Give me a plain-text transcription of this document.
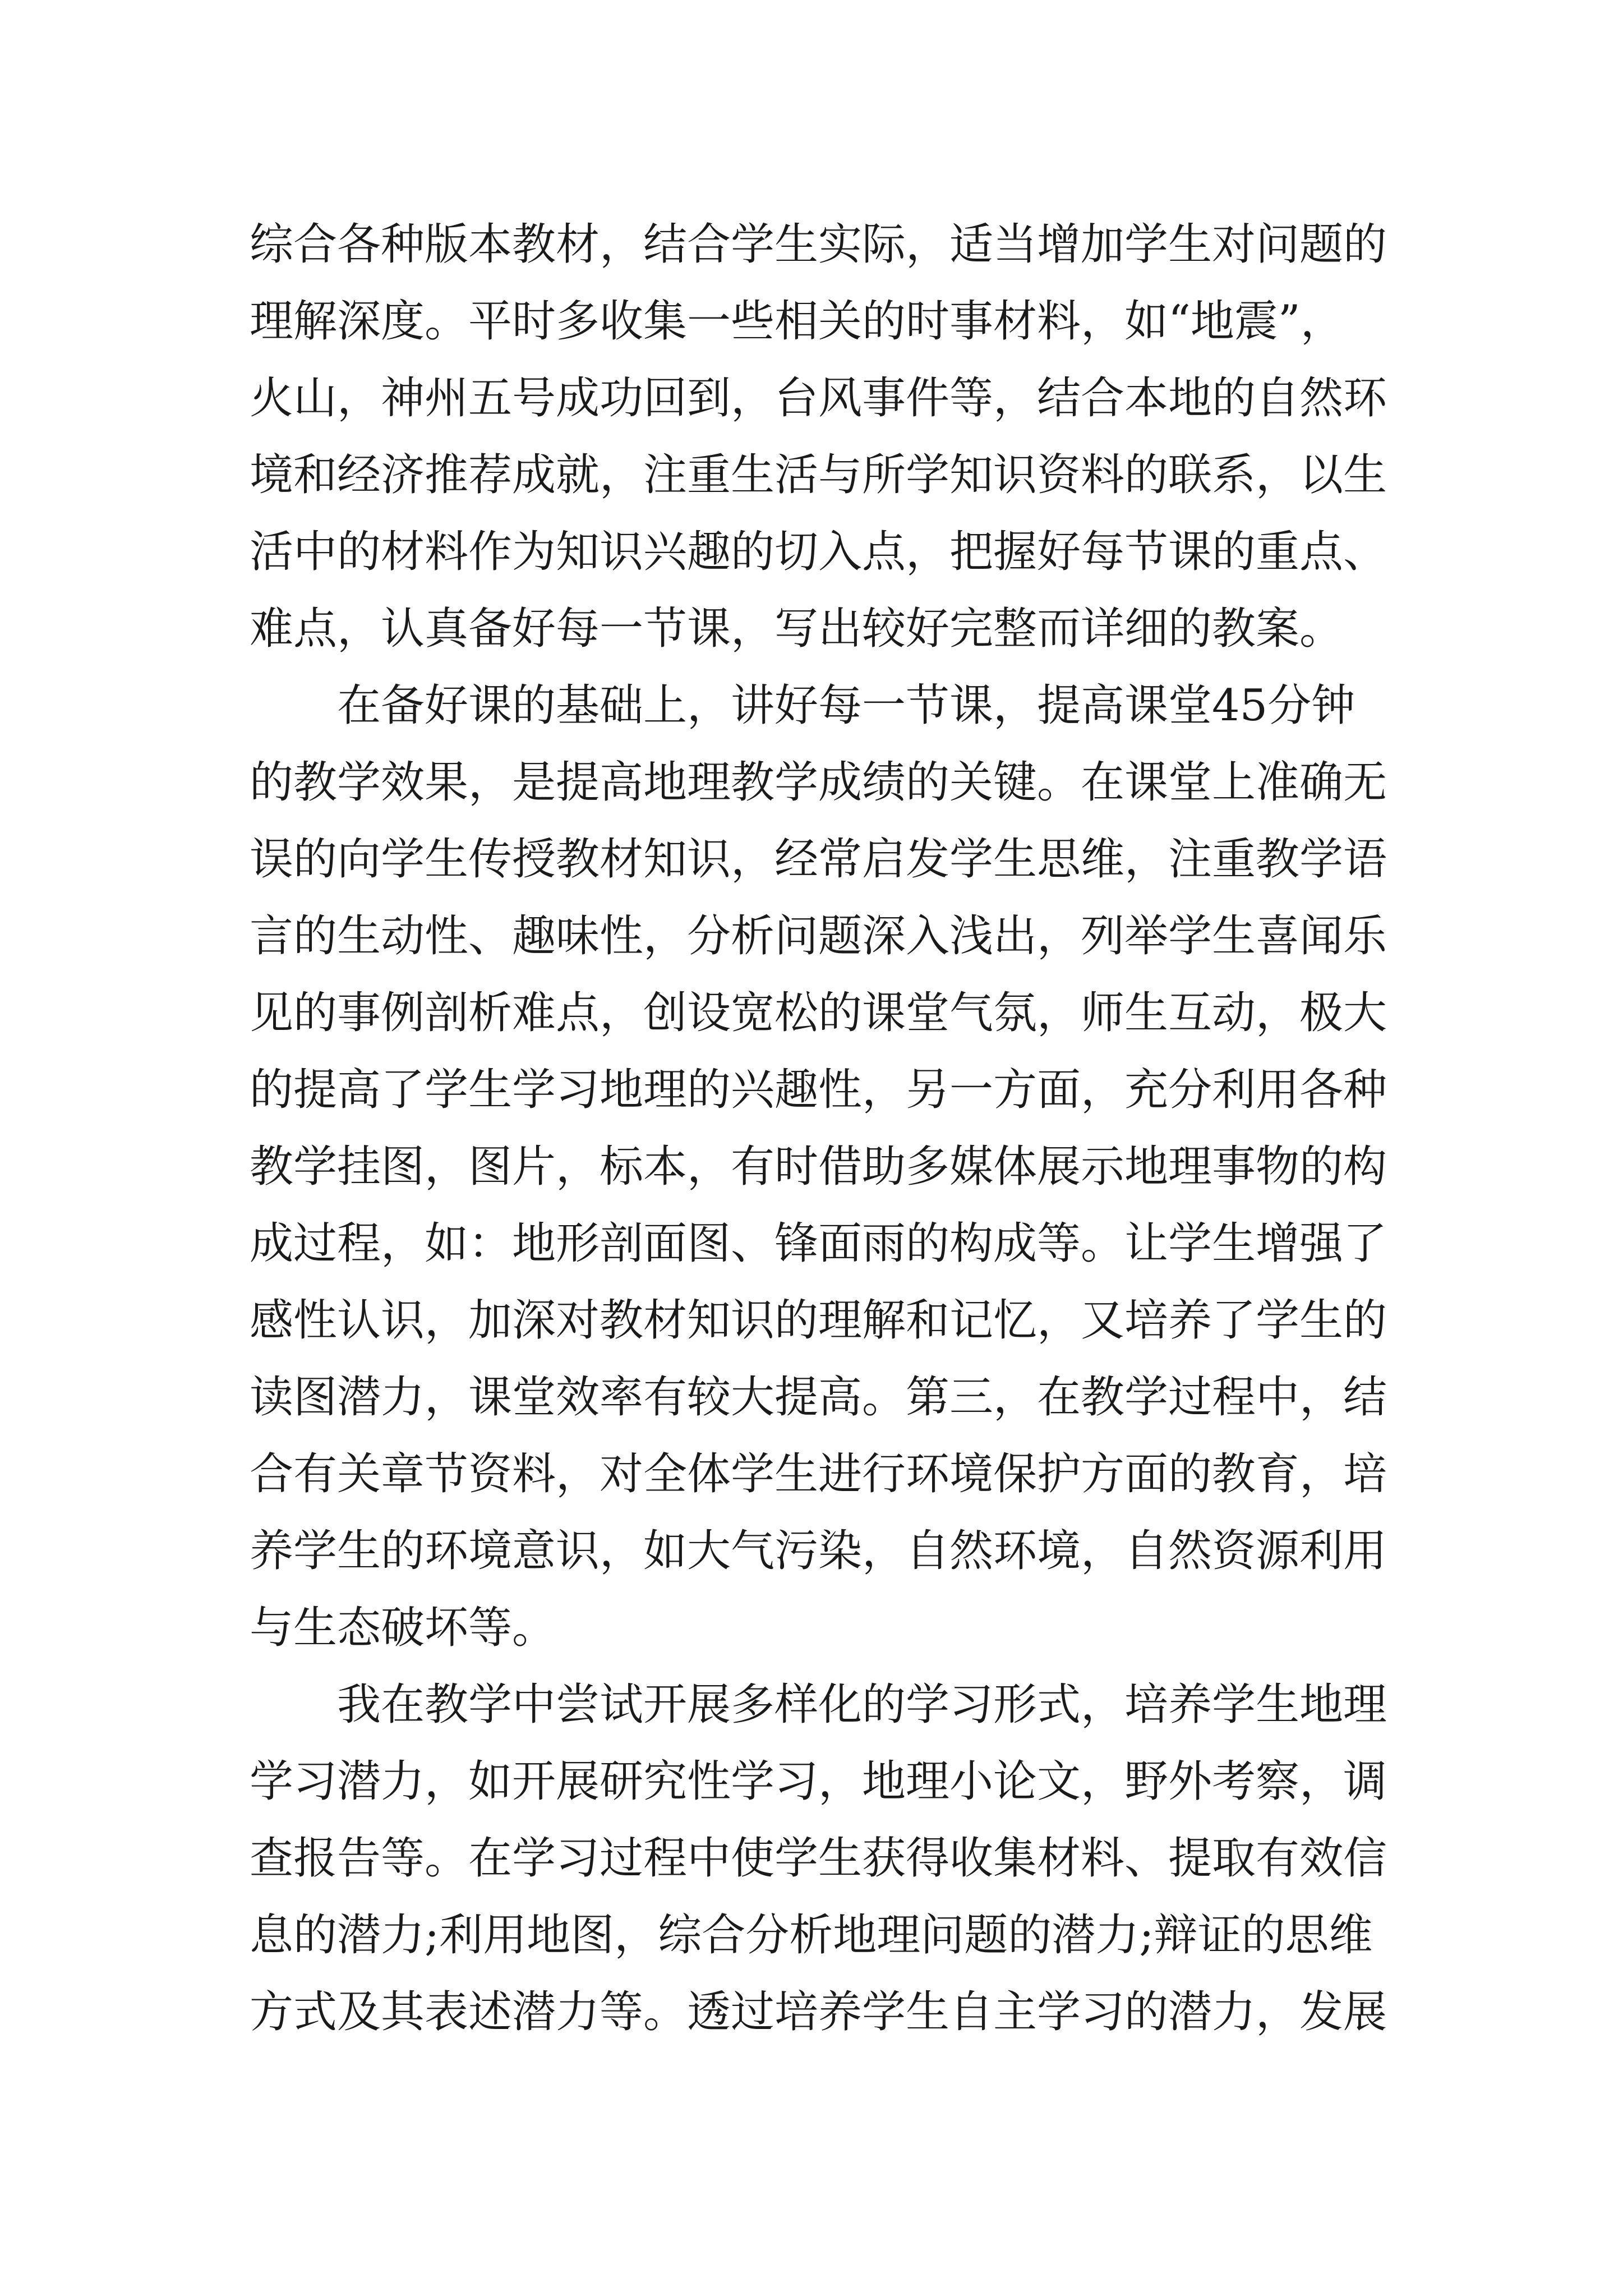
综合各种版本教材，结合学生实际，适当增加学生对问题的
理解深度。平时多收集一些相关的时事材料，如“地震”，
火山，神州五号成功回到，台风事件等，结合本地的自然环
境和经济推荐成就，注重生活与所学知识资料的联系，以生
活中的材料作为知识兴趣的切入点，把握好每节课的重点、
难点，认真备好每一节课，写出较好完整而详细的教案。
在备好课的基础上，讲好每一节课，提高课堂45分钟
的教学效果，是提高地理教学成绩的关键。在课堂上准确无
误的向学生传授教材知识，经常启发学生思维，注重教学语
言的生动性、趣味性，分析问题深入浅出，列举学生喜闻乐
见的事例剖析难点，创设宽松的课堂气氛，师生互动，极大
的提高了学生学习地理的兴趣性，另一方面，充分利用各种
教学挂图，图片，标本，有时借助多媒体展示地理事物的构
成过程，如：地形剖面图、锋面雨的构成等。让学生增强了
感性认识，加深对教材知识的理解和记忆，又培养了学生的
读图潜力，课堂效率有较大提高。第三，在教学过程中，结
合有关章节资料，对全体学生进行环境保护方面的教育，培
养学生的环境意识，如大气污染，自然环境，自然资源利用
与生态破坏等。
我在教学中尝试开展多样化的学习形式，培养学生地理
学习潜力，如开展研究性学习，地理小论文，野外考察，调
查报告等。在学习过程中使学生获得收集材料、提取有效信
息的潜力;利用地图，综合分析地理问题的潜力;辩证的思维
方式及其表述潜力等。透过培养学生自主学习的潜力，发展
